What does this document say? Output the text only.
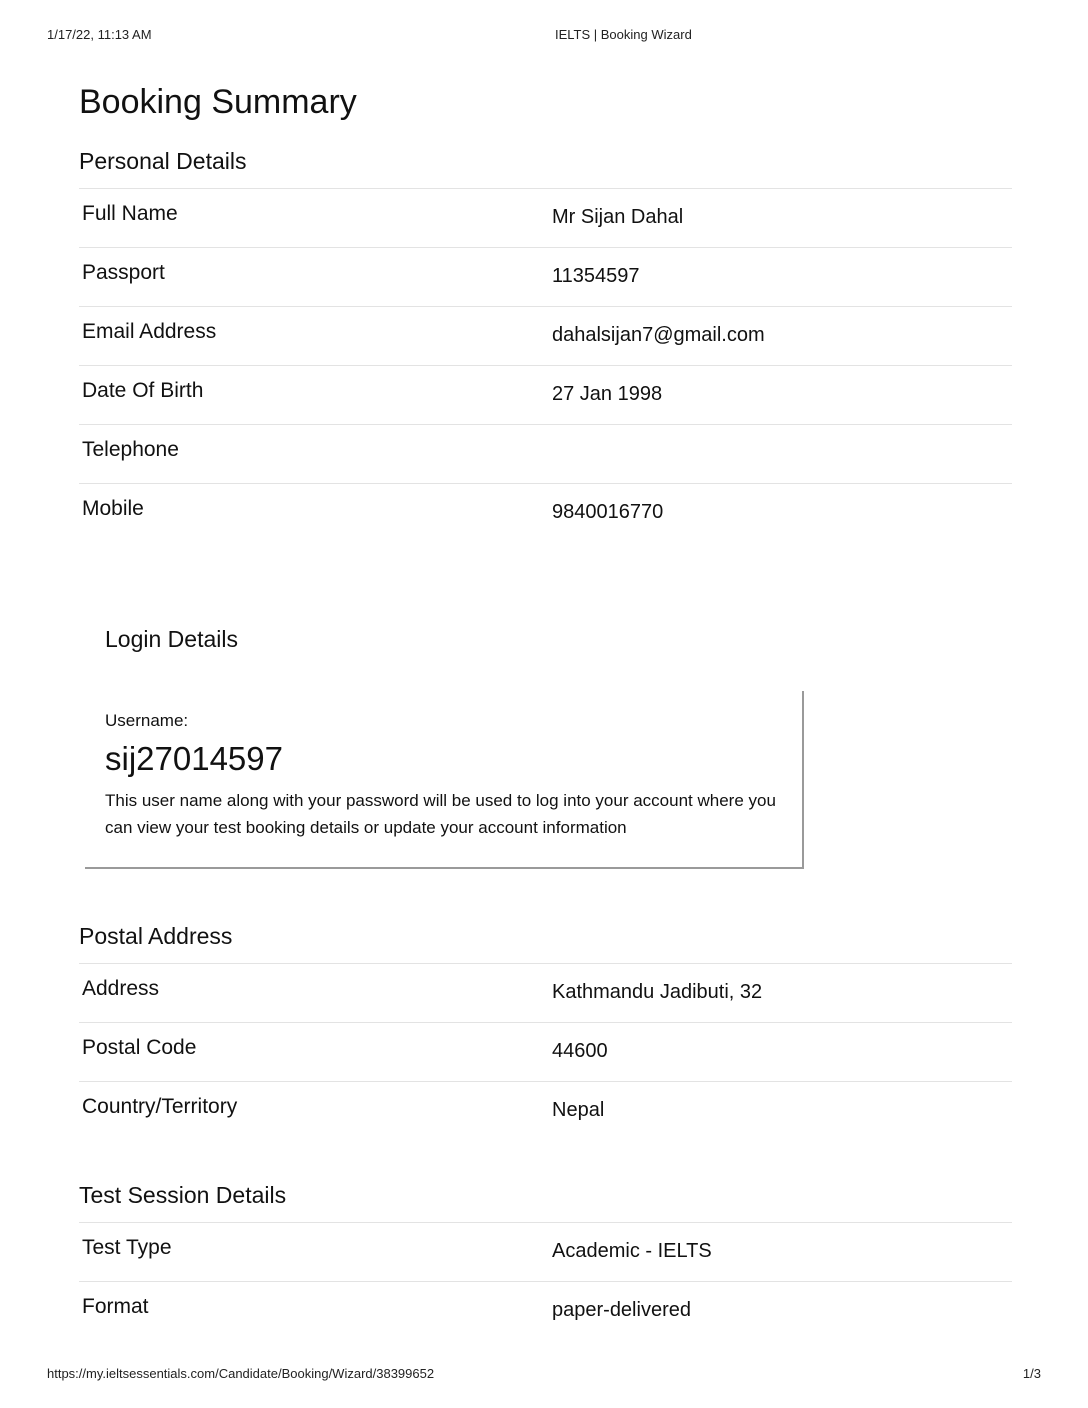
1/17/22, 11:13 AM	IELTS | Booking Wizard
Booking Summary
Personal Details
Full Name	Mr Sijan Dahal
Passport	11354597
Email Address	dahalsijan7@gmail.com
Date Of Birth	27 Jan 1998
Telephone
Mobile	9840016770
Login Details
Username:
sij27014597
This user name along with your password will be used to log into your account where you can view your test booking details or update your account information
Postal Address
Address	Kathmandu Jadibuti, 32
Postal Code	44600
Country/Territory	Nepal
Test Session Details
Test Type	Academic - IELTS
Format	paper-delivered
https://my.ieltsessentials.com/Candidate/Booking/Wizard/38399652	1/3
